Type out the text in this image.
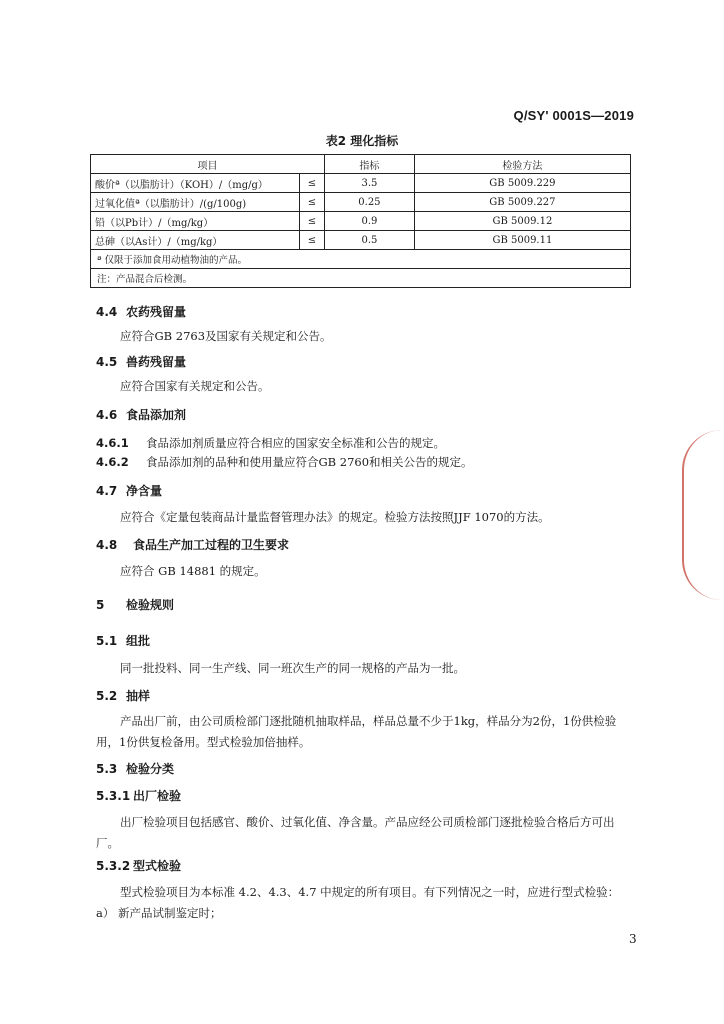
Q/SY' 0001S—2019
表2 理化指标
项目		指标	检验方法
酸价ª（以脂肪计）（KOH）/（mg/g）	≤	3.5	GB 5009.229
过氧化值ª（以脂肪计）/(g/100g)	≤	0.25	GB 5009.227
铅（以Pb计）/（mg/kg）	≤	0.9	GB 5009.12
总砷（以As计）/（mg/kg）	≤	0.5	GB 5009.11
ª 仅限于添加食用动植物油的产品。			
注：产品混合后检测。			
4.4 农药残留量
应符合GB 2763及国家有关规定和公告。
4.5 兽药残留量
应符合国家有关规定和公告。
4.6 食品添加剂
4.6.1 食品添加剂质量应符合相应的国家安全标准和公告的规定。
4.6.2 食品添加剂的品种和使用量应符合GB 2760和相关公告的规定。
4.7 净含量
应符合《定量包装商品计量监督管理办法》的规定。检验方法按照JJF 1070的方法。
4.8 食品生产加工过程的卫生要求
应符合 GB 14881 的规定。
5 检验规则
5.1 组批
同一批投料、同一生产线、同一班次生产的同一规格的产品为一批。
5.2 抽样
产品出厂前，由公司质检部门逐批随机抽取样品，样品总量不少于1kg，样品分为2份，1份供检验
用，1份供复检备用。型式检验加倍抽样。
5.3 检验分类
5.3.1 出厂检验
出厂检验项目包括感官、酸价、过氧化值、净含量。产品应经公司质检部门逐批检验合格后方可出
厂。
5.3.2 型式检验
型式检验项目为本标准 4.2、4.3、4.7 中规定的所有项目。有下列情况之一时，应进行型式检验：
a） 新产品试制鉴定时；
3
